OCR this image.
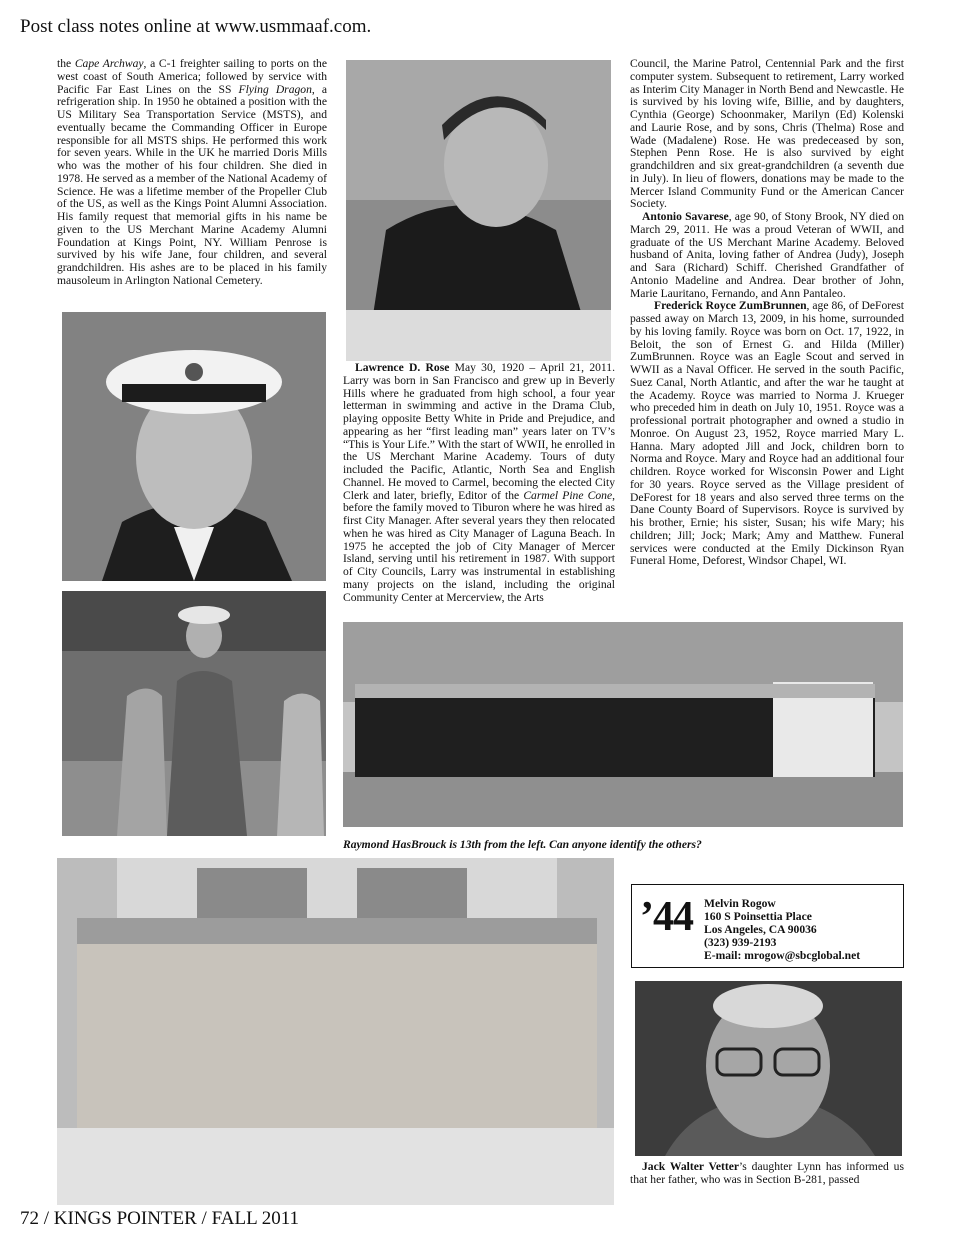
Post class notes online at www.usmmaaf.com.

the Cape Archway, a C-1 freighter sailing to ports on the west coast of South America; followed by service with Pacific Far East Lines on the SS Flying Dragon, a refrigeration ship. In 1950 he obtained a position with the US Military Sea Transportation Service (MSTS), and eventually became the Commanding Officer in Europe responsible for all MSTS ships. He performed this work for seven years. While in the UK he married Doris Mills who was the mother of his four children. She died in 1978. He served as a member of the National Academy of Science. He was a lifetime member of the Propeller Club of the US, as well as the Kings Point Alumni Association. His family request that memorial gifts in his name be given to the US Merchant Marine Academy Alumni Foundation at Kings Point, NY. William Penrose is survived by his wife Jane, four children, and several grandchildren. His ashes are to be placed in his family mausoleum in Arlington National Cemetery.

Lawrence D. Rose May 30, 1920 – April 21, 2011. Larry was born in San Francisco and grew up in Beverly Hills where he graduated from high school, a four year letterman in swimming and active in the Drama Club, playing opposite Betty White in Pride and Prejudice, and appearing as her “first leading man” years later on TV’s “This is Your Life.” With the start of WWII, he enrolled in the US Merchant Marine Academy. Tours of duty included the Pacific, Atlantic, North Sea and English Channel. He moved to Carmel, becoming the elected City Clerk and later, briefly, Editor of the Carmel Pine Cone, before the family moved to Tiburon where he was hired as first City Manager. After several years they then relocated when he was hired as City Manager of Laguna Beach. In 1975 he accepted the job of City Manager of Mercer Island, serving until his retirement in 1987. With support of City Councils, Larry was instrumental in establishing many projects on the island, including the original Community Center at Mercerview, the Arts

Council, the Marine Patrol, Centennial Park and the first computer system. Subsequent to retirement, Larry worked as Interim City Manager in North Bend and Newcastle. He is survived by his loving wife, Billie, and by daughters, Cynthia (George) Schoonmaker, Marilyn (Ed) Kolenski and Laurie Rose, and by sons, Chris (Thelma) Rose and Wade (Madalene) Rose. He was predeceased by son, Stephen Penn Rose. He is also survived by eight grandchildren and six great-grandchildren (a seventh due in July). In lieu of flowers, donations may be made to the Mercer Island Community Fund or the American Cancer Society.

Antonio Savarese, age 90, of Stony Brook, NY died on March 29, 2011. He was a proud Veteran of WWII, and graduate of the US Merchant Marine Academy. Beloved husband of Anita, loving father of Andrea (Judy), Joseph and Sara (Richard) Schiff. Cherished Grandfather of Antonio Madeline and Andrea. Dear brother of John, Marie Lauritano, Fernando, and Ann Pantaleo.

Frederick Royce ZumBrunnen, age 86, of DeForest passed away on March 13, 2009, in his home, surrounded by his loving family. Royce was born on Oct. 17, 1922, in Beloit, the son of Ernest G. and Hilda (Miller) ZumBrunnen. Royce was an Eagle Scout and served in WWII as a Naval Officer. He served in the south Pacific, Suez Canal, North Atlantic, and after the war he taught at the Academy. Royce was married to Norma J. Krueger who preceded him in death on July 10, 1951. Royce was a professional portrait photographer and owned a studio in Monroe. On August 23, 1952, Royce married Mary L. Hanna. Mary adopted Jill and Jock, children born to Norma and Royce. Mary and Royce had an additional four children. Royce worked for Wisconsin Power and Light for 30 years. Royce served as the Village president of DeForest for 18 years and also served three terms on the Dane County Board of Supervisors. Royce is survived by his brother, Ernie; his sister, Susan; his wife Mary; his children; Jill; Jock; Mark; Amy and Matthew. Funeral services were conducted at the Emily Dickinson Ryan Funeral Home, Deforest, Windsor Chapel, WI.

Raymond HasBrouck is 13th from the left. Can anyone identify the others?
’44 Melvin Rogow
160 S Poinsettia Place
Los Angeles, CA 90036
(323) 939-2193
E-mail: mrogow@sbcglobal.net

Jack Walter Vetter’s daughter Lynn has informed us that her father, who was in Section B-281, passed

72 / KINGS POINTER / FALL 2011
